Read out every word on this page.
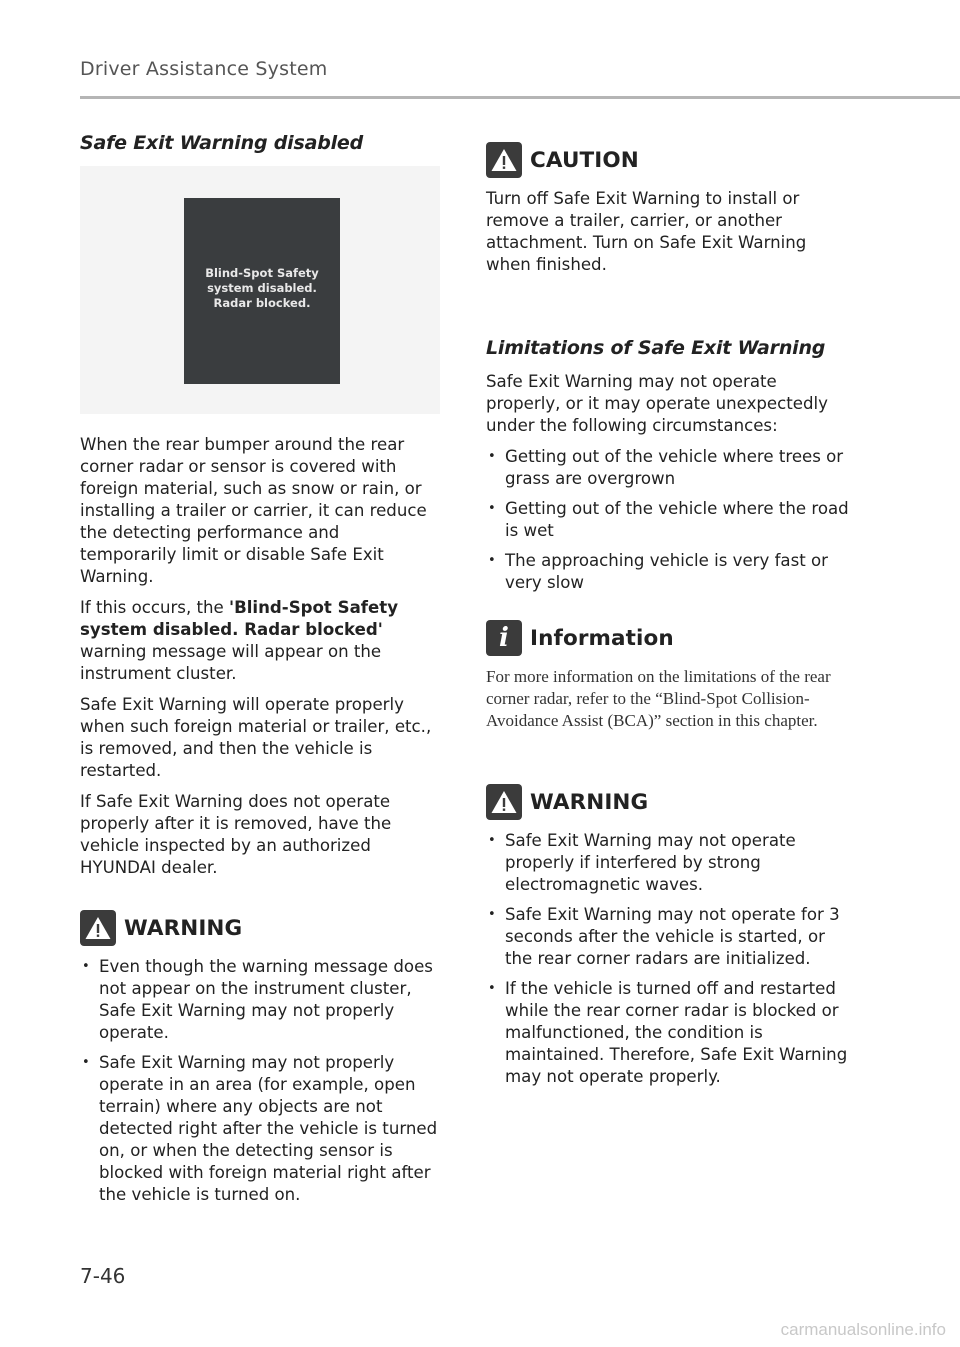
Driver Assistance System
Safe Exit Warning disabled
Blind-Spot Safety
system disabled.
Radar blocked.

When the rear bumper around the rear corner radar or sensor is covered with foreign material, such as snow or rain, or installing a trailer or carrier, it can reduce the detecting performance and temporarily limit or disable Safe Exit Warning.

If this occurs, the 'Blind-Spot Safety system disabled. Radar blocked' warning message will appear on the instrument cluster.

Safe Exit Warning will operate properly when such foreign material or trailer, etc., is removed, and then the vehicle is restarted.

If Safe Exit Warning does not operate properly after it is removed, have the vehicle inspected by an authorized HYUNDAI dealer.

WARNING
• Even though the warning message does not appear on the instrument cluster, Safe Exit Warning may not properly operate.
• Safe Exit Warning may not properly operate in an area (for example, open terrain) where any objects are not detected right after the vehicle is turned on, or when the detecting sensor is blocked with foreign material right after the vehicle is turned on.
CAUTION

Turn off Safe Exit Warning to install or remove a trailer, carrier, or another attachment. Turn on Safe Exit Warning when finished.

Limitations of Safe Exit Warning

Safe Exit Warning may not operate properly, or it may operate unexpectedly under the following circumstances:

• Getting out of the vehicle where trees or grass are overgrown
• Getting out of the vehicle where the road is wet
• The approaching vehicle is very fast or very slow
i Information

For more information on the limitations of the rear corner radar, refer to the “Blind-Spot Collision-Avoidance Assist (BCA)” section in this chapter.

WARNING
• Safe Exit Warning may not operate properly if interfered by strong electromagnetic waves.
• Safe Exit Warning may not operate for 3 seconds after the vehicle is started, or the rear corner radars are initialized.
• If the vehicle is turned off and restarted while the rear corner radar is blocked or malfunctioned, the condition is maintained. Therefore, Safe Exit Warning may not operate properly.
7-46
carmanualsonline.info
